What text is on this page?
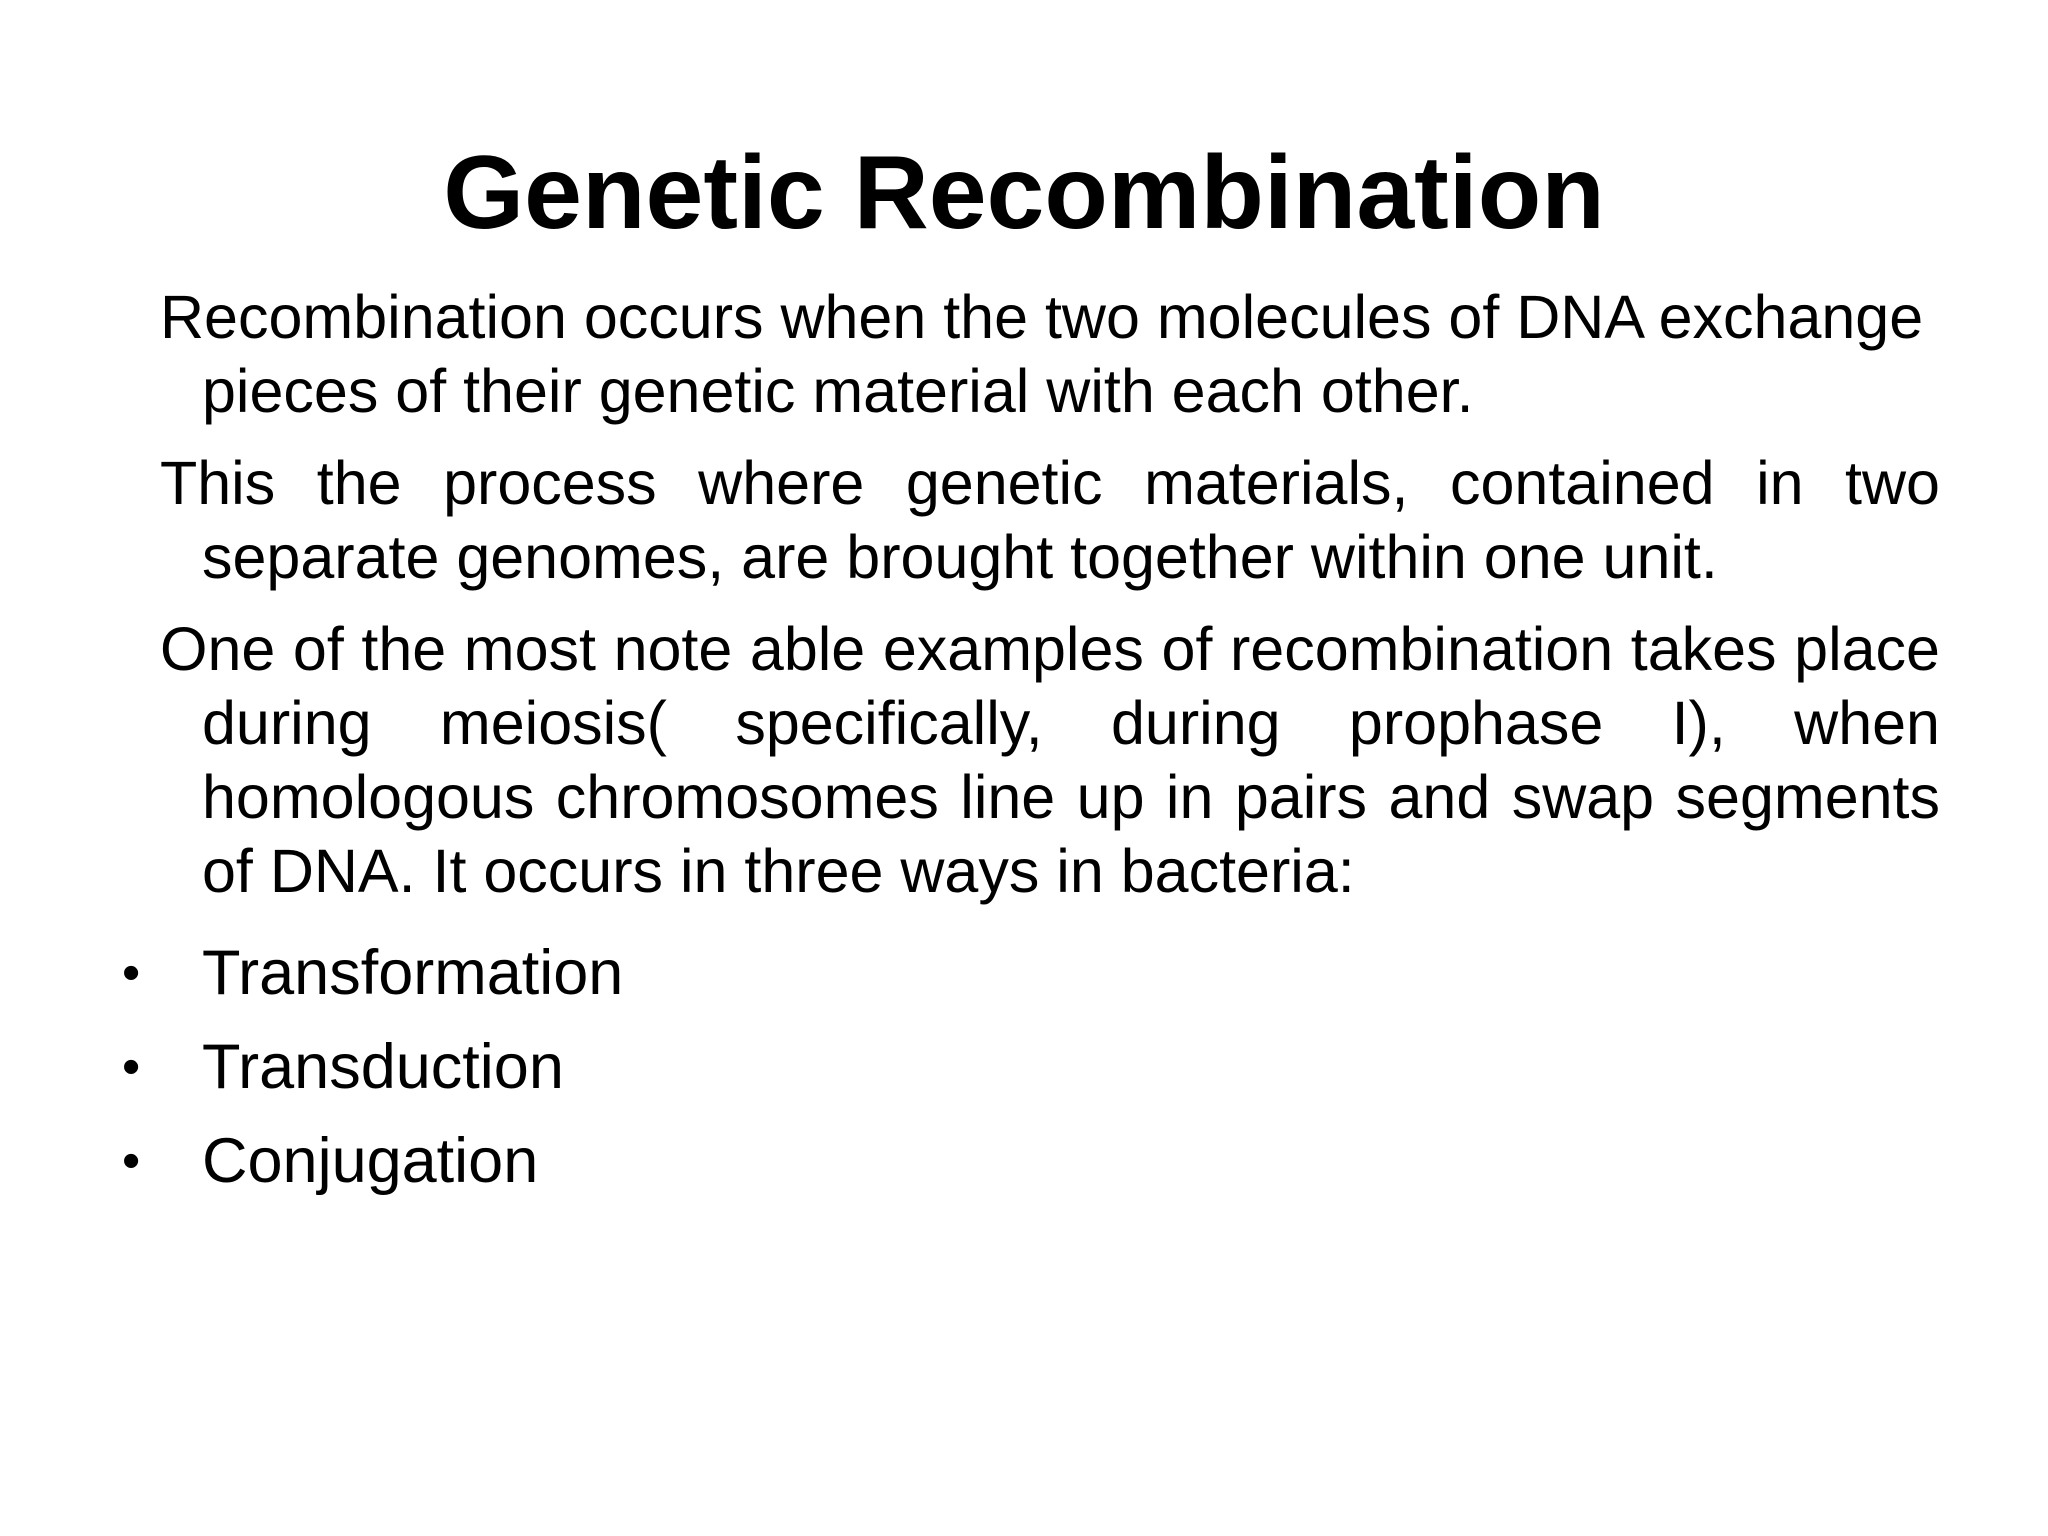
Genetic Recombination

Recombination occurs when the two molecules of DNA exchange pieces of their genetic material with each other.

This the process where genetic materials, contained in two separate genomes, are brought together within one unit.

One of the most note able examples of recombination takes place during meiosis( specifically, during prophase I), when homologous chromosomes line up in pairs and swap segments of DNA. It occurs in three ways in bacteria:

• Transformation
• Transduction
• Conjugation
